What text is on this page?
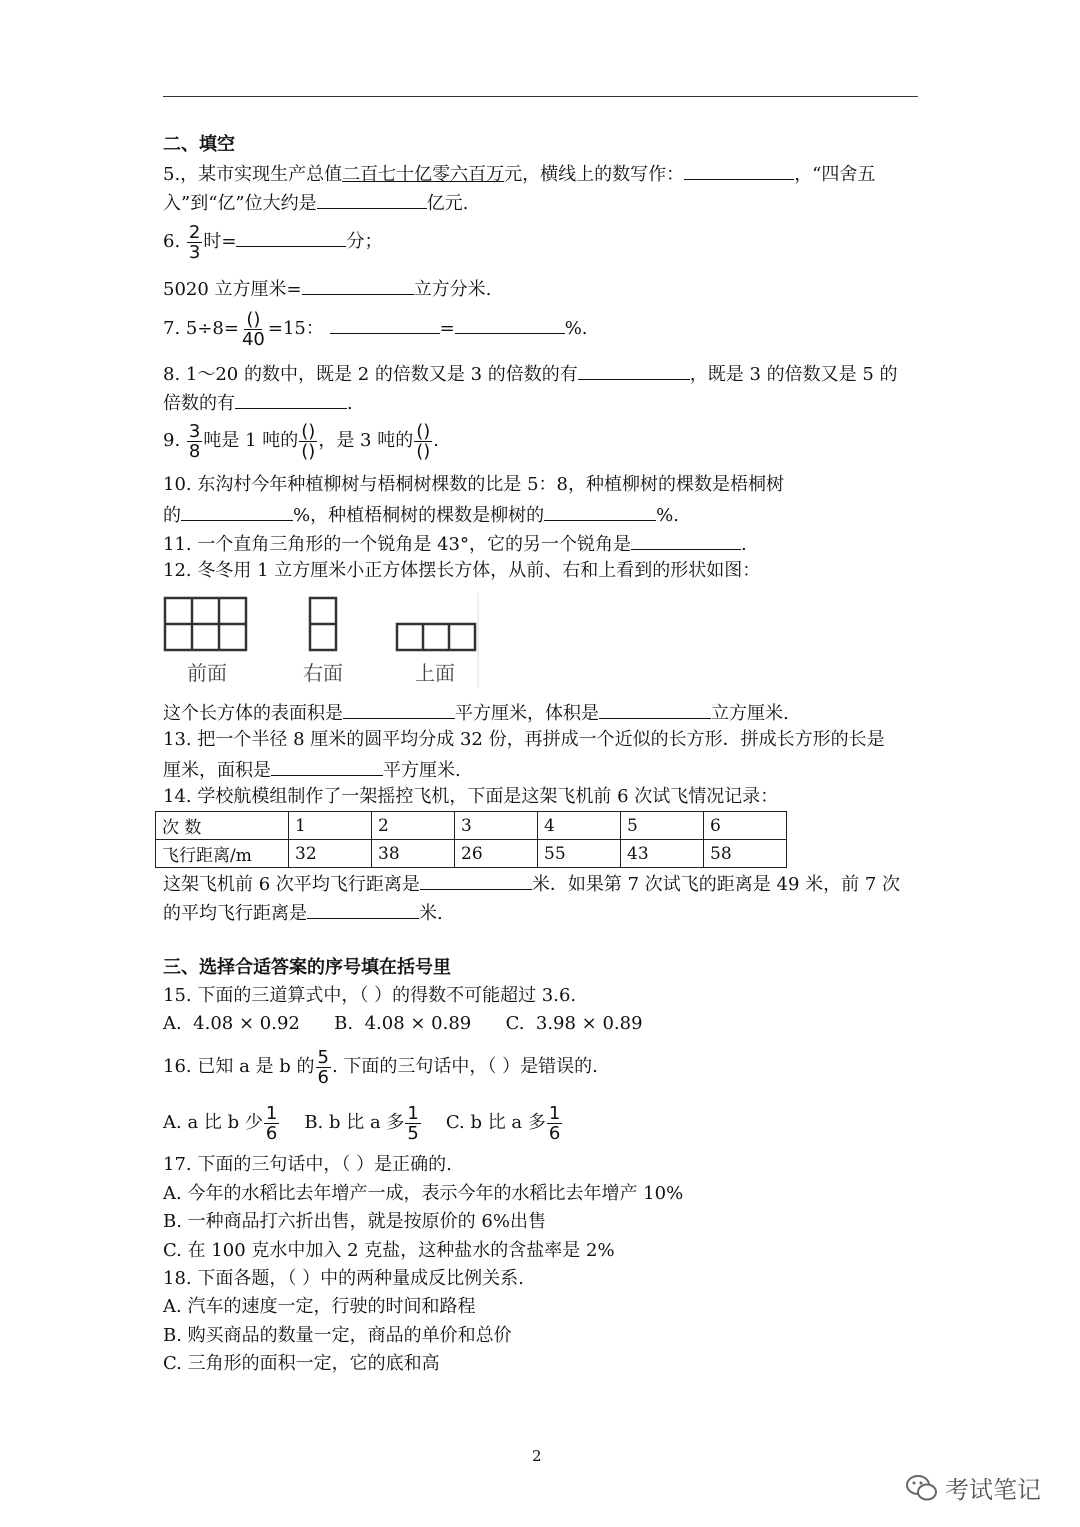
二、填空
5.，某市实现生产总值二百七十亿零六百万元，横线上的数写作：	，“四舍五
入”到“亿”位大约是	亿元.
6. $\frac{2}{3}$ 时=	分；
5020 立方厘米=	立方分米.
7. $5\div 8= \frac{()}{40} =15$：	=	%.
8. 1～20 的数中，既是 2 的倍数又是 3 的倍数的有	，既是 3 的倍数又是 5 的
倍数的有	.
9. $\frac{3}{8}$ 吨是 1 吨的 $\frac{()}{()}$ ，是 3 吨的 $\frac{()}{()}$ .
10. 东沟村今年种植柳树与梧桐树棵数的比是 5：8，种植柳树的棵数是梧桐树
的	%，种植梧桐树的棵数是柳树的	%.
11. 一个直角三角形的一个锐角是 43°，它的另一个锐角是	.
12. 冬冬用 1 立方厘米小正方体摆长方体，从前、右和上看到的形状如图：
前面	右面	上面
这个长方体的表面积是	平方厘米，体积是	立方厘米.
13. 把一个半径 8 厘米的圆平均分成 32 份，再拼成一个近似的长方形．拼成长方形的长是
厘米，面积是	平方厘米.
14. 学校航模组制作了一架摇控飞机，下面是这架飞机前 6 次试飞情况记录：
次 数	1	2	3	4	5	6
飞行距离/m	32	38	26	55	43	58
这架飞机前 6 次平均飞行距离是	米．如果第 7 次试飞的距离是 49 米，前 7 次
的平均飞行距离是	米.
三、选择合适答案的序号填在括号里
15. 下面的三道算式中，（ ）的得数不可能超过 3.6.
A.  4.08 × 0.92      B.  4.08 × 0.89      C.  3.98 × 0.89
16. 已知 a 是 b 的 $\frac{5}{6}$ . 下面的三句话中，（ ）是错误的.
A. a 比 b 少 $\frac{1}{6} B$. b 比 a 多 $\frac{1}{5} C$. b 比 a 多 $\frac{1}{6}$
17. 下面的三句话中，（ ）是正确的.
A. 今年的水稻比去年增产一成，表示今年的水稻比去年增产 10%
B. 一种商品打六折出售，就是按原价的 6%出售
C. 在 100 克水中加入 2 克盐，这种盐水的含盐率是 2%
18. 下面各题，（ ）中的两种量成反比例关系.
A. 汽车的速度一定，行驶的时间和路程
B. 购买商品的数量一定，商品的单价和总价
C. 三角形的面积一定，它的底和高
2
考试笔记
